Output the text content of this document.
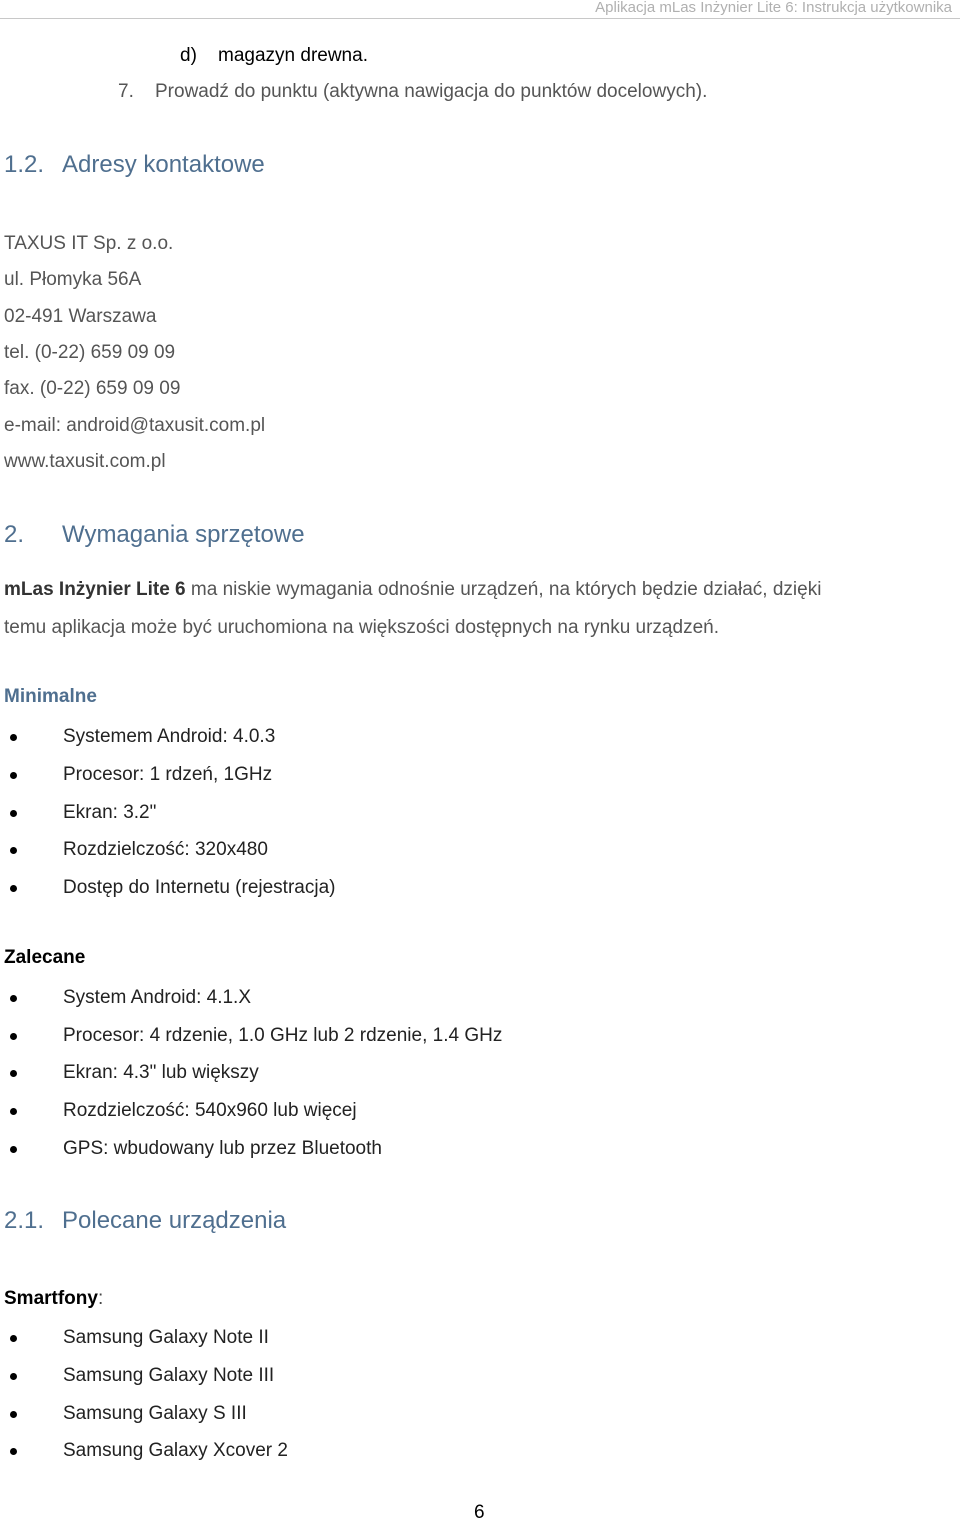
Aplikacja mLas Inżynier Lite 6: Instrukcja użytkownika
d) magazyn drewna.
7. Prowadź do punktu (aktywna nawigacja do punktów docelowych).
1.2. Adresy kontaktowe
TAXUS IT Sp. z o.o.
ul. Płomyka 56A
02-491 Warszawa
tel. (0-22) 659 09 09
fax. (0-22) 659 09 09
e-mail: android@taxusit.com.pl
www.taxusit.com.pl
2. Wymagania sprzętowe
mLas Inżynier Lite 6 ma niskie wymagania odnośnie urządzeń, na których będzie działać, dzięki
temu aplikacja może być uruchomiona na większości dostępnych na rynku urządzeń.
Minimalne
Systemem Android: 4.0.3
Procesor: 1 rdzeń, 1GHz
Ekran: 3.2"
Rozdzielczość: 320x480
Dostęp do Internetu (rejestracja)
Zalecane
System Android: 4.1.X
Procesor: 4 rdzenie, 1.0 GHz lub 2 rdzenie, 1.4 GHz
Ekran: 4.3" lub większy
Rozdzielczość: 540x960 lub więcej
GPS: wbudowany lub przez Bluetooth
2.1. Polecane urządzenia
Smartfony:
Samsung Galaxy Note II
Samsung Galaxy Note III
Samsung Galaxy S III
Samsung Galaxy Xcover 2
6
